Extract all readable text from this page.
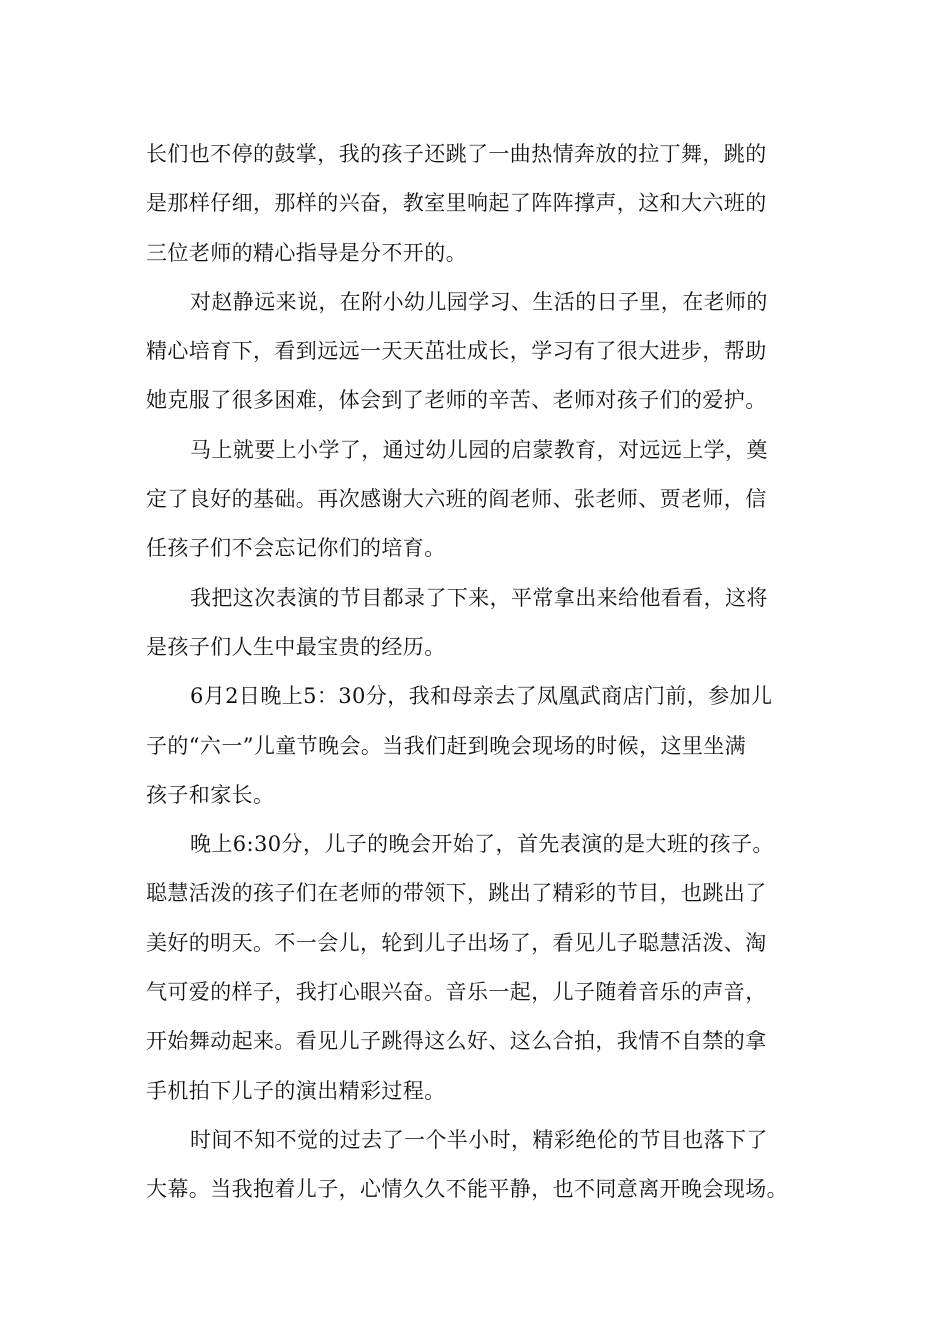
长们也不停的鼓掌，我的孩子还跳了一曲热情奔放的拉丁舞，跳的
是那样仔细，那样的兴奋，教室里响起了阵阵撑声，这和大六班的
三位老师的精心指导是分不开的。
对赵静远来说，在附小幼儿园学习、生活的日子里，在老师的
精心培育下，看到远远一天天茁壮成长，学习有了很大进步，帮助
她克服了很多困难，体会到了老师的辛苦、老师对孩子们的爱护。
马上就要上小学了，通过幼儿园的启蒙教育，对远远上学，奠
定了良好的基础。再次感谢大六班的阎老师、张老师、贾老师，信
任孩子们不会忘记你们的培育。
我把这次表演的节目都录了下来，平常拿出来给他看看，这将
是孩子们人生中最宝贵的经历。
6月2日晚上5：30分，我和母亲去了凤凰武商店门前，参加儿
子的“六一”儿童节晚会。当我们赶到晚会现场的时候，这里坐满
孩子和家长。
晚上6:30分，儿子的晚会开始了，首先表演的是大班的孩子。
聪慧活泼的孩子们在老师的带领下，跳出了精彩的节目，也跳出了
美好的明天。不一会儿，轮到儿子出场了，看见儿子聪慧活泼、淘
气可爱的样子，我打心眼兴奋。音乐一起，儿子随着音乐的声音，
开始舞动起来。看见儿子跳得这么好、这么合拍，我情不自禁的拿
手机拍下儿子的演出精彩过程。
时间不知不觉的过去了一个半小时，精彩绝伦的节目也落下了
大幕。当我抱着儿子，心情久久不能平静，也不同意离开晚会现场。
